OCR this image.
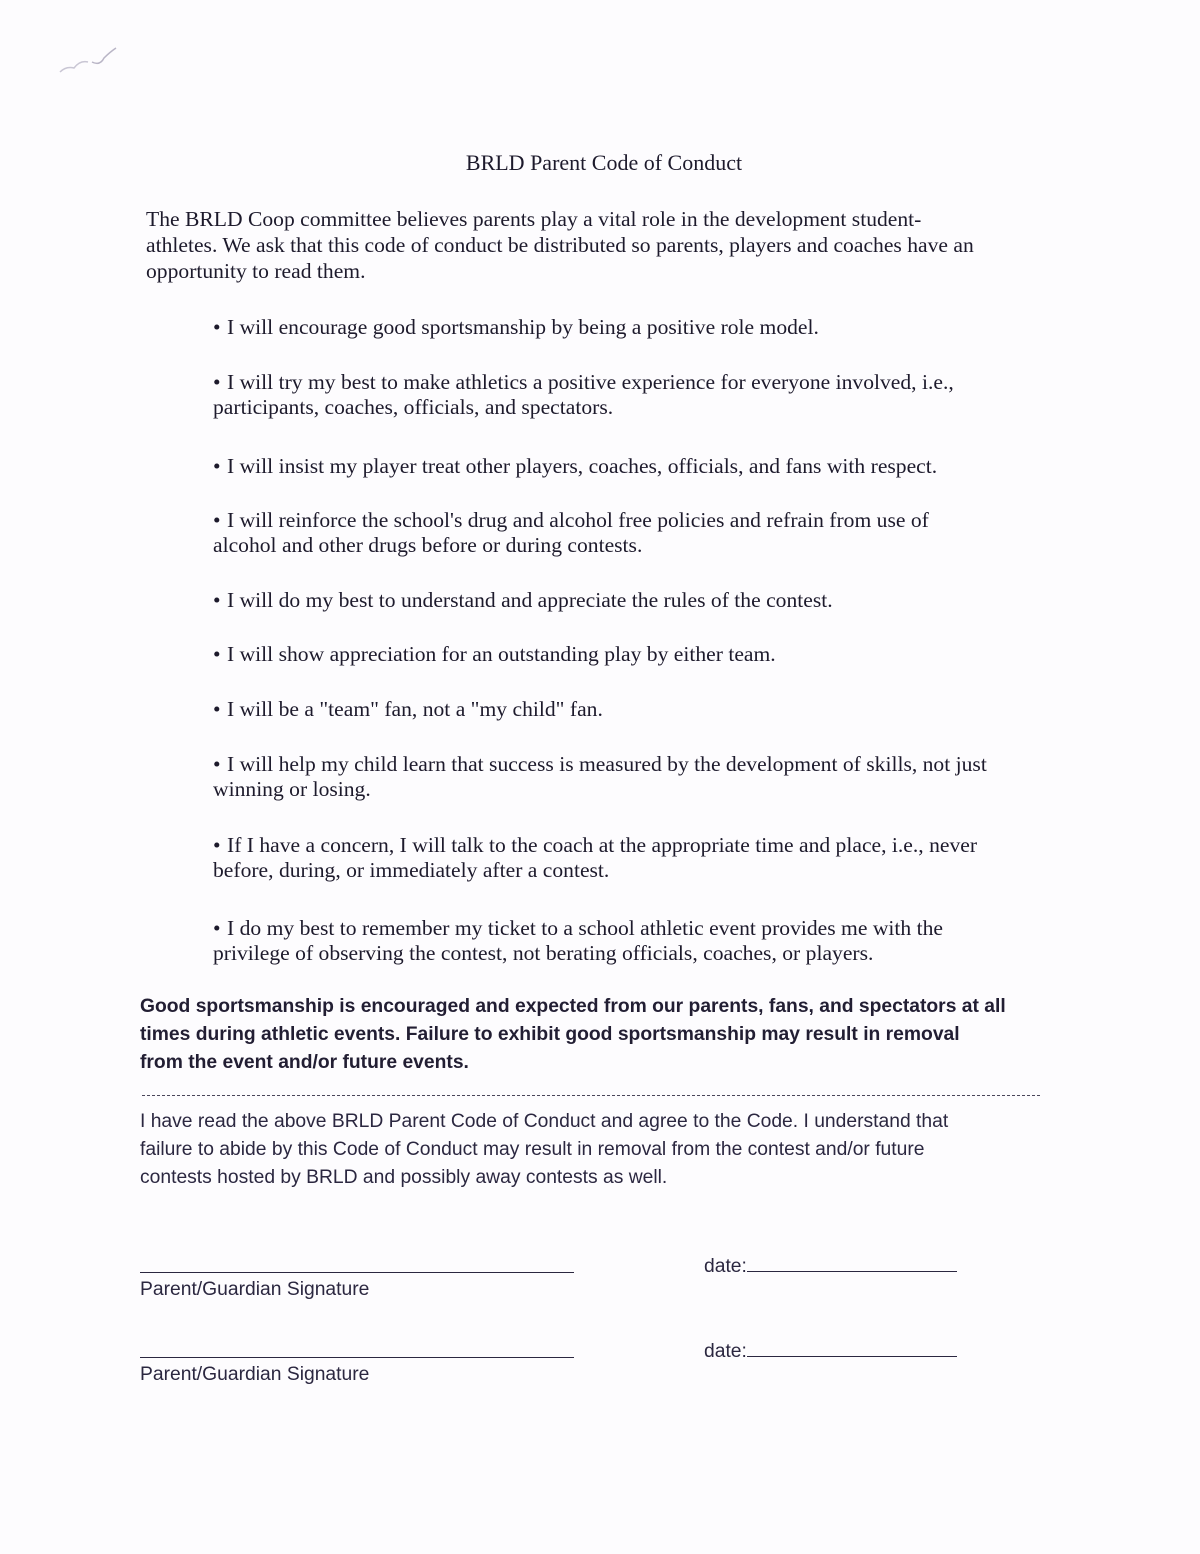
BRLD Parent Code of Conduct
The BRLD Coop committee believes parents play a vital role in the development student-
athletes. We ask that this code of conduct be distributed so parents, players and coaches have an
opportunity to read them.
• I will encourage good sportsmanship by being a positive role model.
• I will try my best to make athletics a positive experience for everyone involved, i.e.,
participants, coaches, officials, and spectators.
• I will insist my player treat other players, coaches, officials, and fans with respect.
• I will reinforce the school's drug and alcohol free policies and refrain from use of
alcohol and other drugs before or during contests.
• I will do my best to understand and appreciate the rules of the contest.
• I will show appreciation for an outstanding play by either team.
• I will be a "team" fan, not a "my child" fan.
• I will help my child learn that success is measured by the development of skills, not just
winning or losing.
• If I have a concern, I will talk to the coach at the appropriate time and place, i.e., never
before, during, or immediately after a contest.
• I do my best to remember my ticket to a school athletic event provides me with the
privilege of observing the contest, not berating officials, coaches, or players.
Good sportsmanship is encouraged and expected from our parents, fans, and spectators at all
times during athletic events. Failure to exhibit good sportsmanship may result in removal
from the event and/or future events.
I have read the above BRLD Parent Code of Conduct and agree to the Code. I understand that
failure to abide by this Code of Conduct may result in removal from the contest and/or future
contests hosted by BRLD and possibly away contests as well.
Parent/Guardian Signature
date:
Parent/Guardian Signature
date:
